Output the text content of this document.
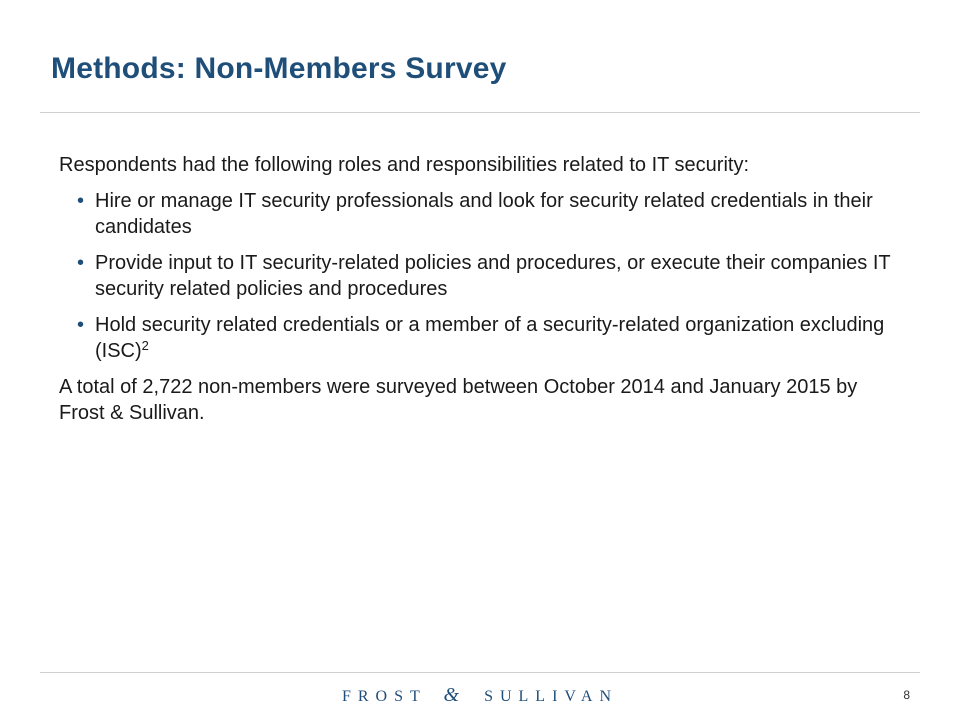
Methods: Non-Members Survey

Respondents had the following roles and responsibilities related to IT security:

• Hire or manage IT security professionals and look for security related credentials in their candidates
• Provide input to IT security-related policies and procedures, or execute their companies IT security related policies and procedures
• Hold security related credentials or a member of a security-related organization excluding (ISC)$^2$

A total of 2,722 non-members were surveyed between October 2014 and January 2015 by Frost & Sullivan.

FROST & SULLIVAN	8
